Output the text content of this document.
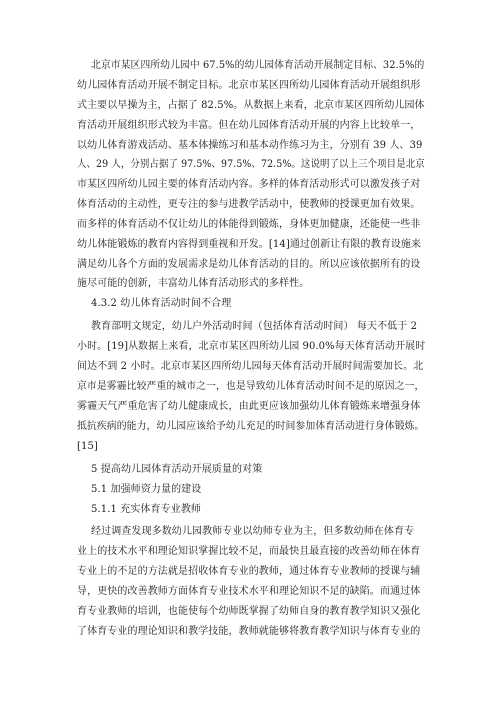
北京市某区四所幼儿园中 67.5%的幼儿园体育活动开展制定目标、32.5%的
幼儿园体育活动开展不制定目标。北京市某区四所幼儿园体育活动开展组织形
式主要以早操为主，占据了 82.5%。从数据上来看，北京市某区四所幼儿园体
育活动开展组织形式较为丰富。但在幼儿园体育活动开展的内容上比较单一，
以幼儿体育游戏活动、基本体操练习和基本动作练习为主，分别有 39 人、39
人、29 人，分别占据了 97.5%、97.5%、72.5%。这说明了以上三个项目是北京
市某区四所幼儿园主要的体育活动内容。多样的体育活动形式可以激发孩子对
体育活动的主动性，更专注的参与进教学活动中，使教师的授课更加有效果。
而多样的体育活动不仅让幼儿的体能得到锻炼，身体更加健康，还能使一些非
幼儿体能锻炼的教育内容得到重视和开发。[14]通过创新让有限的教育设施来
满足幼儿各个方面的发展需求是幼儿体育活动的目的。所以应该依据所有的设
施尽可能的创新，丰富幼儿体育活动形式的多样性。
4.3.2 幼儿体育活动时间不合理
教育部明文规定，幼儿户外活动时间（包括体育活动时间） 每天不低于 2
小时。[19]从数据上来看，北京市某区四所幼儿园 90.0%每天体育活动开展时
间达不到 2 小时。北京市某区四所幼儿园每天体育活动开展时间需要加长。北
京市是雾霾比较严重的城市之一，也是导致幼儿体育活动时间不足的原因之一，
雾霾天气严重危害了幼儿健康成长，由此更应该加强幼儿体育锻炼来增强身体
抵抗疾病的能力，幼儿园应该给予幼儿充足的时间参加体育活动进行身体锻炼。
[15]
5 提高幼儿园体育活动开展质量的对策
5.1 加强师资力量的建设
5.1.1 充实体育专业教师
经过调查发现多数幼儿园教师专业以幼师专业为主，但多数幼师在体育专
业上的技术水平和理论知识掌握比较不足，而最快且最直接的改善幼师在体育
专业上的不足的方法就是招收体育专业的教师，通过体育专业教师的授课与辅
导，更快的改善教师方面体育专业技术水平和理论知识不足的缺陷。而通过体
育专业教师的培训，也能使每个幼师既掌握了幼师自身的教育教学知识又强化
了体育专业的理论知识和教学技能，教师就能够将教育教学知识与体育专业的
